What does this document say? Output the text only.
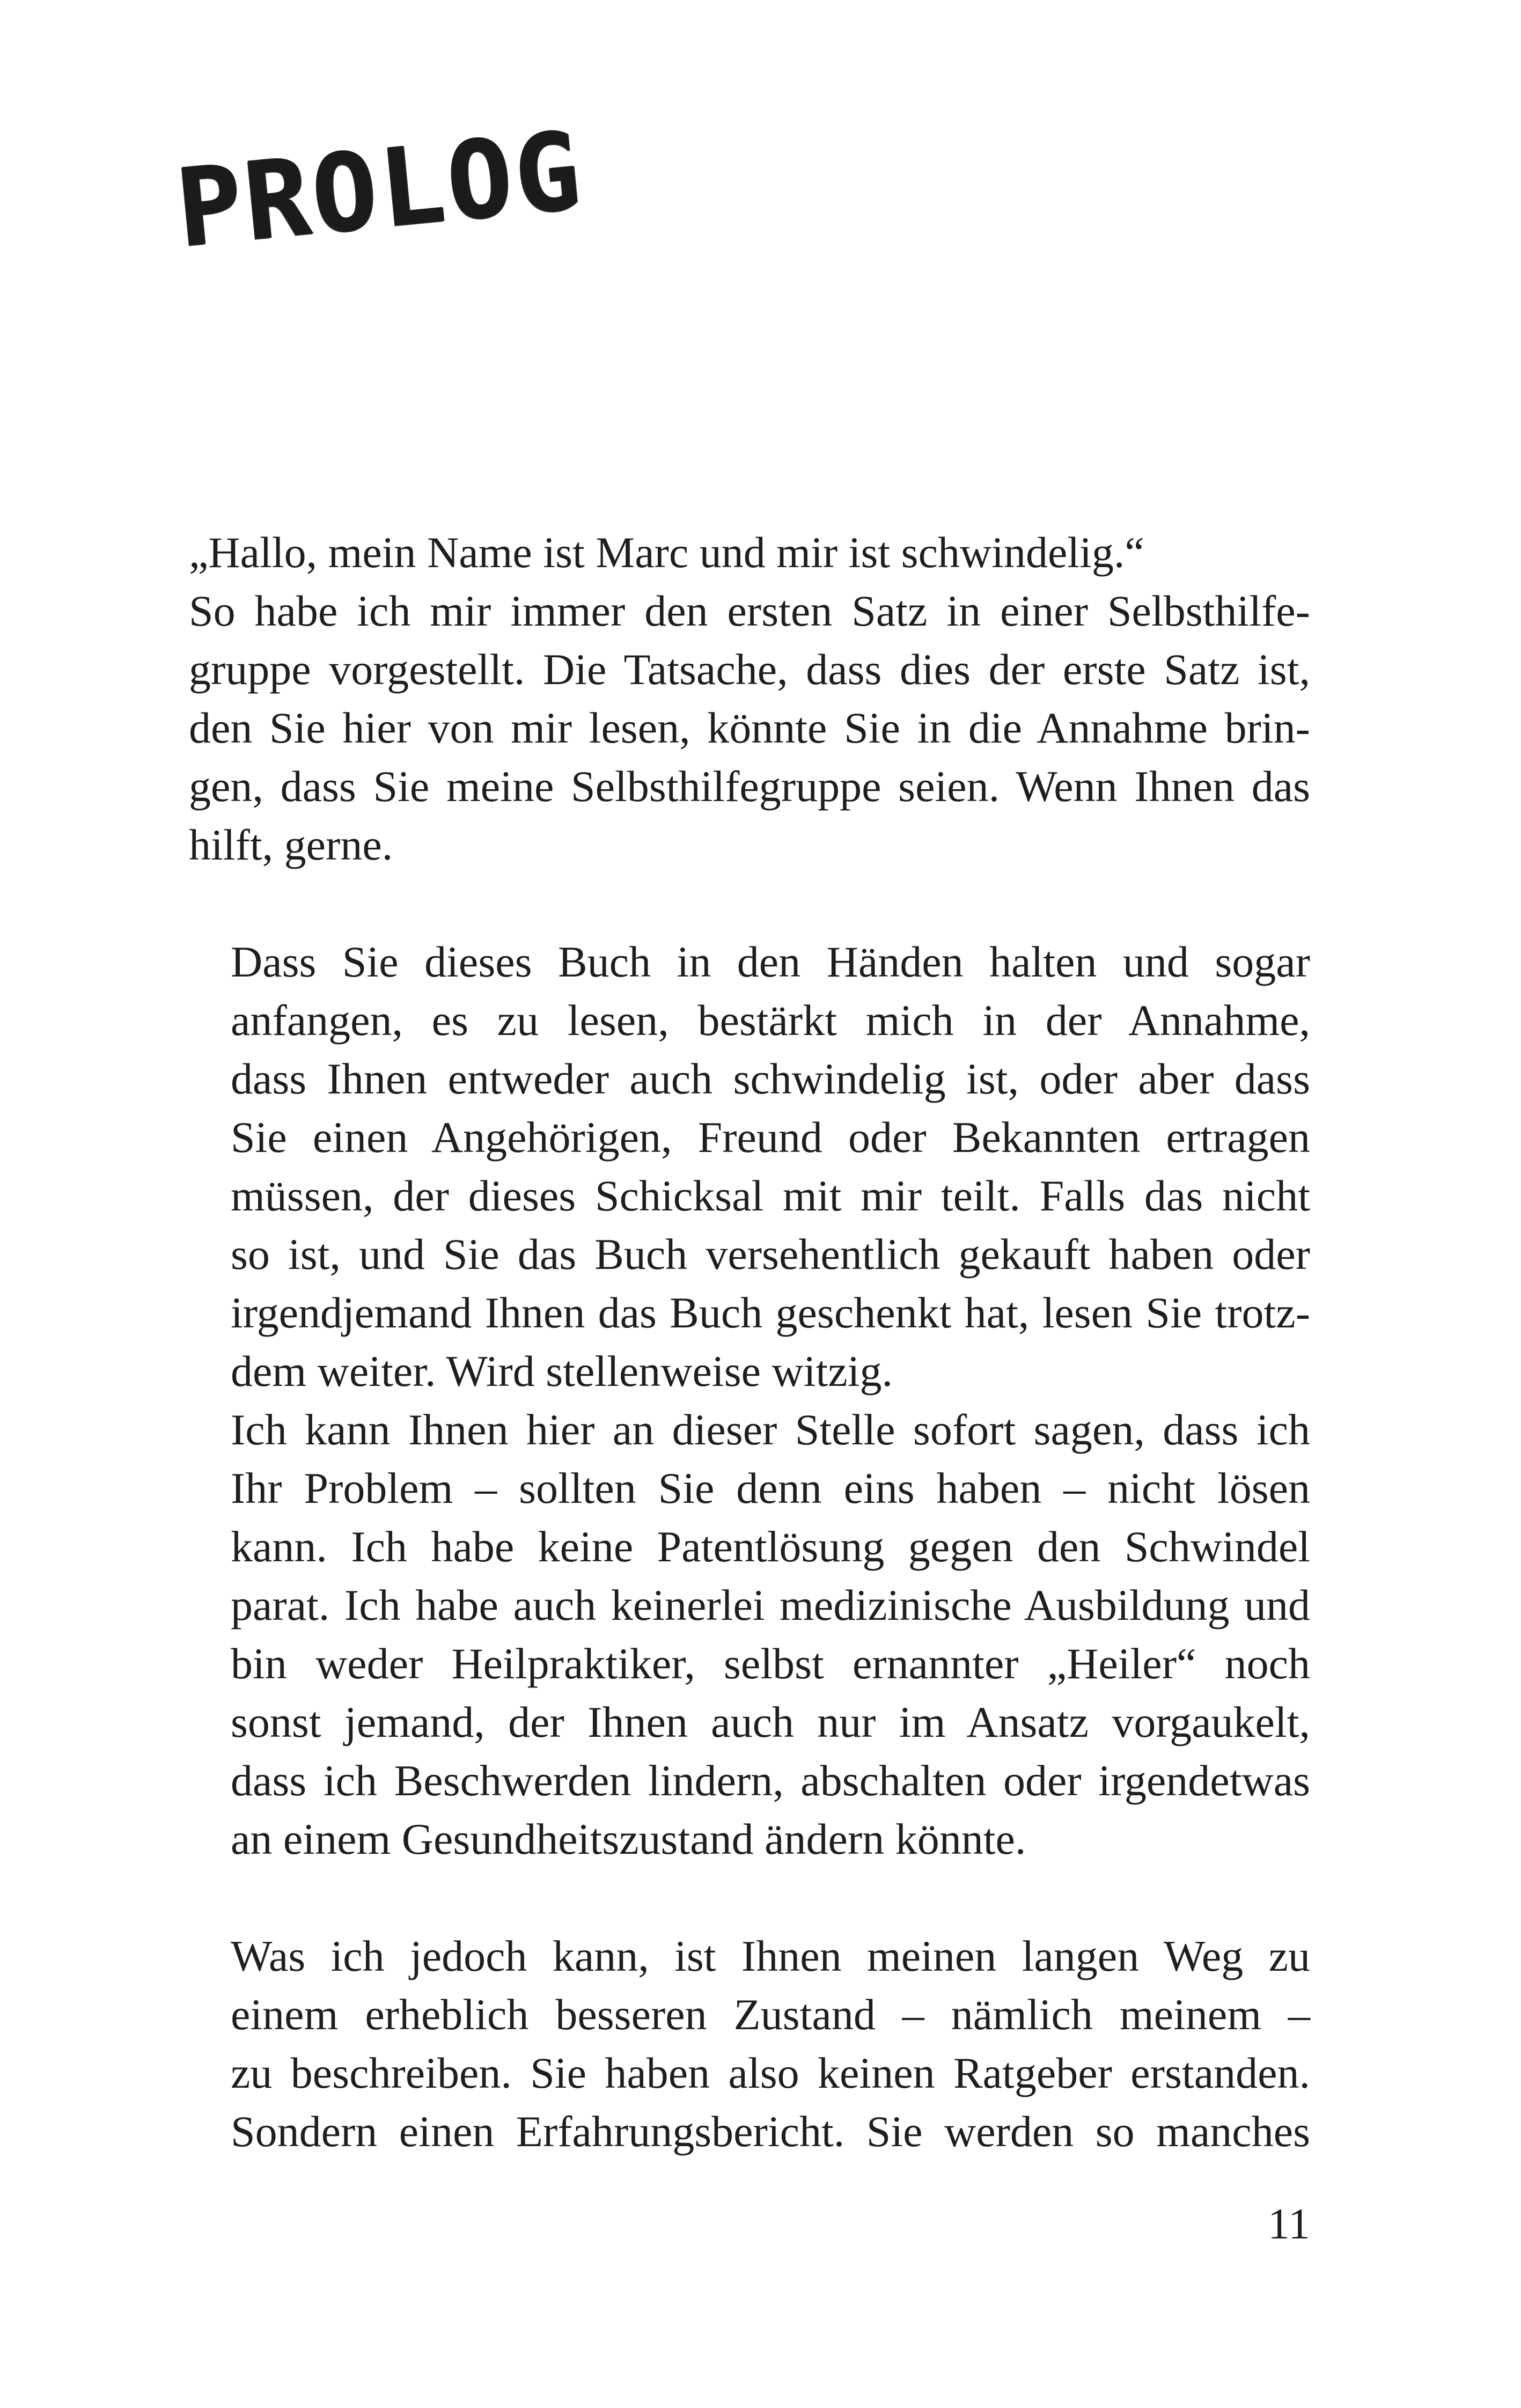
PROLOG

„Hallo, mein Name ist Marc und mir ist schwindelig.“

So habe ich mir immer den ersten Satz in einer Selbsthilfe-
gruppe vorgestellt. Die Tatsache, dass dies der erste Satz ist,
den Sie hier von mir lesen, könnte Sie in die Annahme brin-
gen, dass Sie meine Selbsthilfegruppe seien. Wenn Ihnen das
hilft, gerne.

Dass Sie dieses Buch in den Händen halten und sogar
anfangen, es zu lesen, bestärkt mich in der Annahme,
dass Ihnen entweder auch schwindelig ist, oder aber dass
Sie einen Angehörigen, Freund oder Bekannten ertragen
müssen, der dieses Schicksal mit mir teilt. Falls das nicht
so ist, und Sie das Buch versehentlich gekauft haben oder
irgendjemand Ihnen das Buch geschenkt hat, lesen Sie trotz-
dem weiter. Wird stellenweise witzig.

Ich kann Ihnen hier an dieser Stelle sofort sagen, dass ich
Ihr Problem – sollten Sie denn eins haben – nicht lösen
kann. Ich habe keine Patentlösung gegen den Schwindel
parat. Ich habe auch keinerlei medizinische Ausbildung und
bin weder Heilpraktiker, selbst ernannter „Heiler“ noch
sonst jemand, der Ihnen auch nur im Ansatz vorgaukelt,
dass ich Beschwerden lindern, abschalten oder irgendetwas
an einem Gesundheitszustand ändern könnte.

Was ich jedoch kann, ist Ihnen meinen langen Weg zu
einem erheblich besseren Zustand – nämlich meinem –
zu beschreiben. Sie haben also keinen Ratgeber erstanden.
Sondern einen Erfahrungsbericht. Sie werden so manches

11
